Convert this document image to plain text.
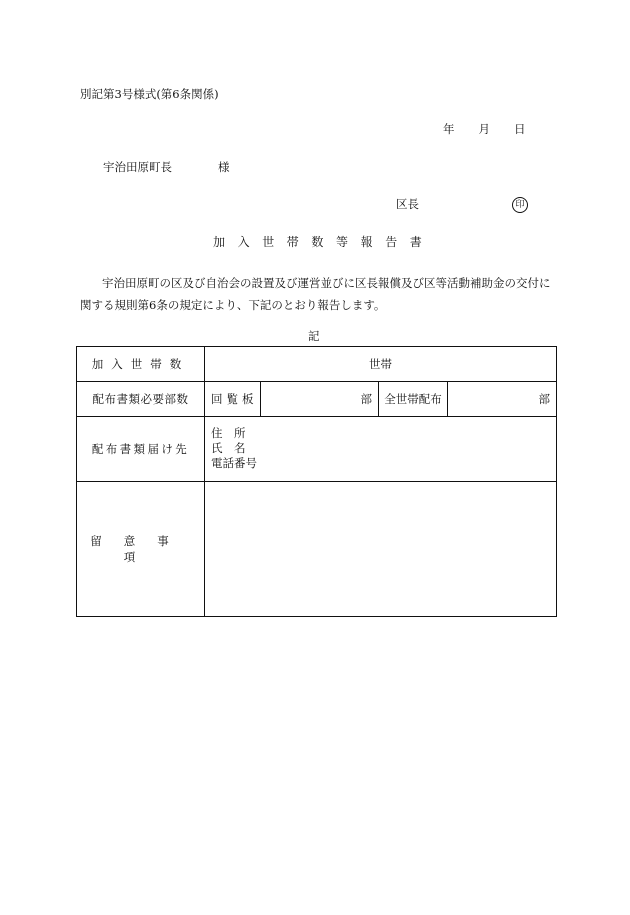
別記第3号様式(第6条関係)
年 月 日
宇治田原町長	様
区長	印
加入世帯数等報告書
宇治田原町の区及び自治会の設置及び運営並びに区長報償及び区等活動補助金の交付に関する規則第6条の規定により、下記のとおり報告します。
記
加入世帯数	世帯
配布書類必要部数	回覧板 部 全世帯配布 部

配布書類届け先	住　所
氏　名
電話番号

留意事項	
